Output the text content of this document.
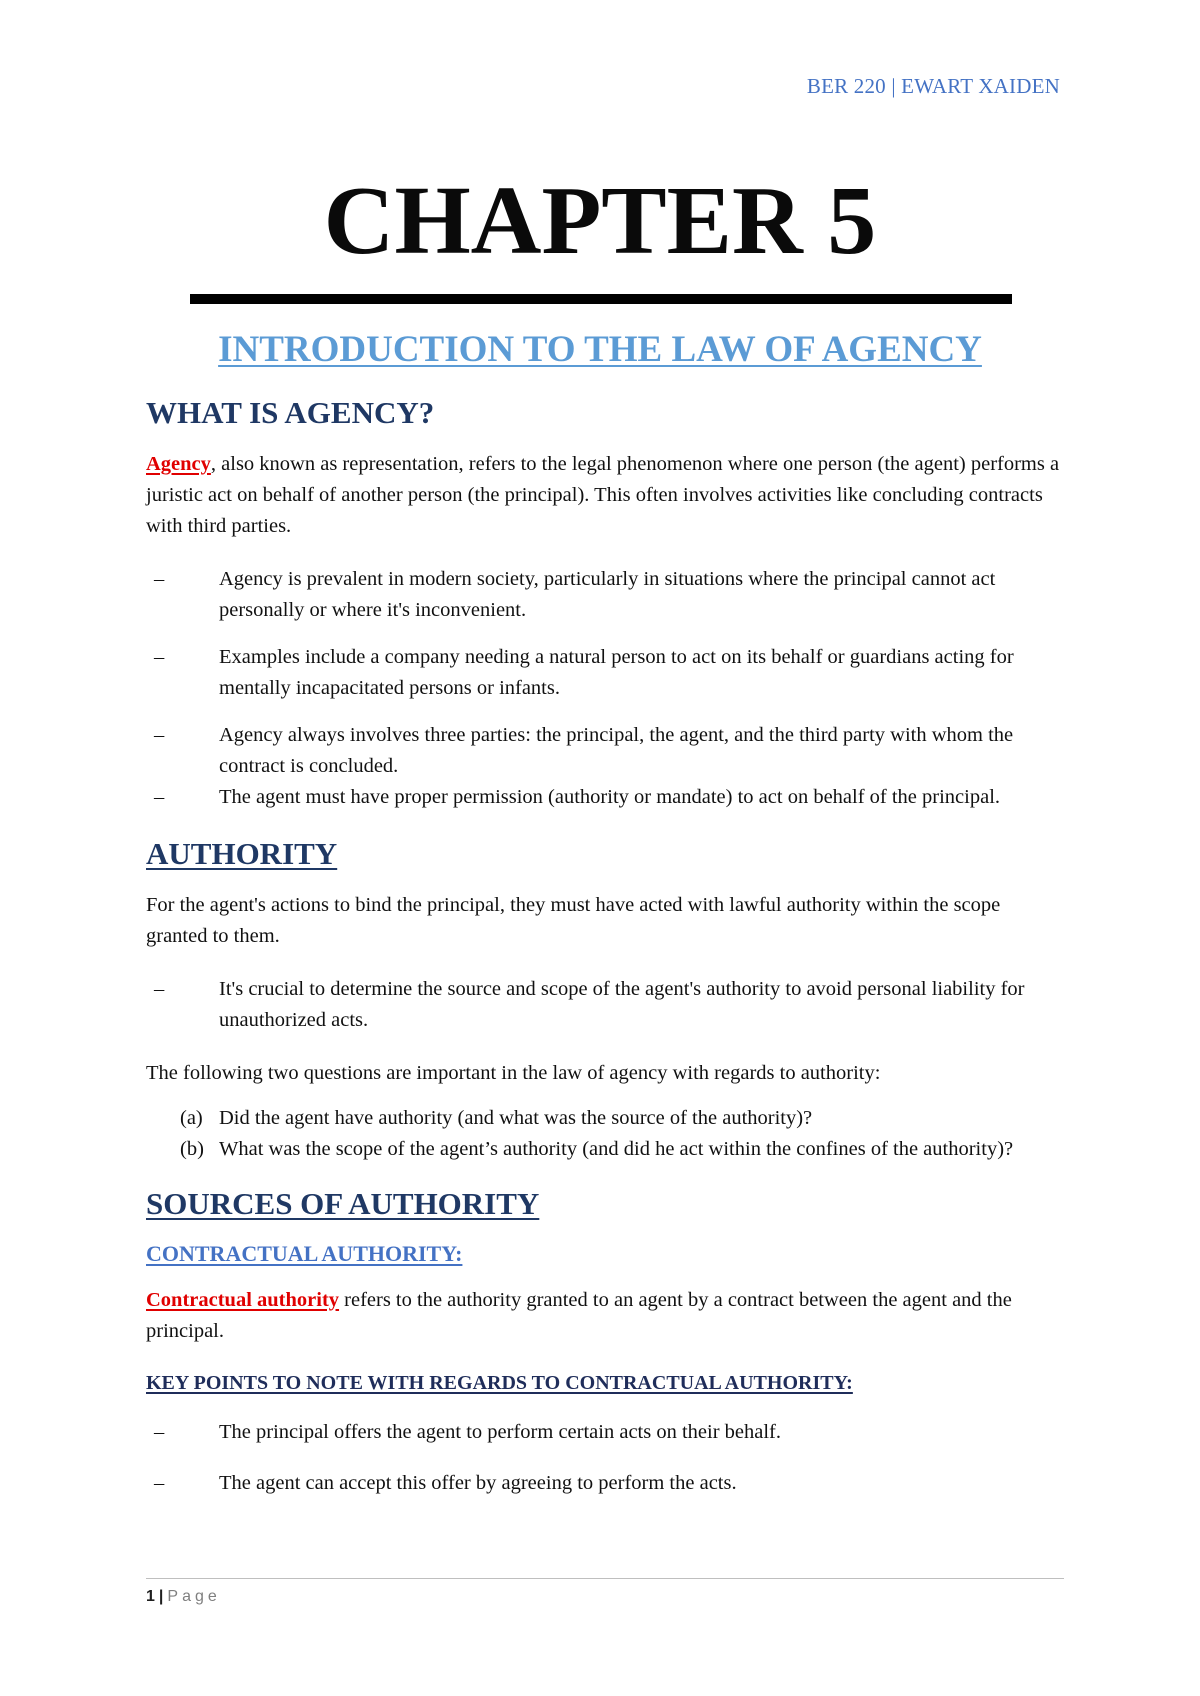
BER 220 | EWART XAIDEN
CHAPTER 5
INTRODUCTION TO THE LAW OF AGENCY
WHAT IS AGENCY?

Agency, also known as representation, refers to the legal phenomenon where one person (the agent) performs a juristic act on behalf of another person (the principal). This often involves activities like concluding contracts with third parties.

–	Agency is prevalent in modern society, particularly in situations where the principal cannot act personally or where it's inconvenient.
–	Examples include a company needing a natural person to act on its behalf or guardians acting for mentally incapacitated persons or infants.
–	Agency always involves three parties: the principal, the agent, and the third party with whom the contract is concluded.
–	The agent must have proper permission (authority or mandate) to act on behalf of the principal.
AUTHORITY

For the agent's actions to bind the principal, they must have acted with lawful authority within the scope granted to them.

–	It's crucial to determine the source and scope of the agent's authority to avoid personal liability for unauthorized acts.

The following two questions are important in the law of agency with regards to authority:

(a) Did the agent have authority (and what was the source of the authority)?
(b) What was the scope of the agent’s authority (and did he act within the confines of the authority)?
SOURCES OF AUTHORITY
CONTRACTUAL AUTHORITY:

Contractual authority refers to the authority granted to an agent by a contract between the agent and the principal.

KEY POINTS TO NOTE WITH REGARDS TO CONTRACTUAL AUTHORITY:
–	The principal offers the agent to perform certain acts on their behalf.
–	The agent can accept this offer by agreeing to perform the acts.
1 | Page
